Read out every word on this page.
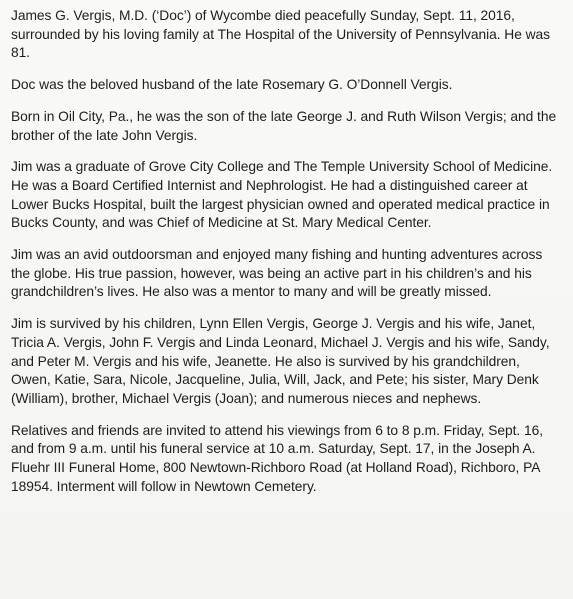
James G. Vergis, M.D. (‘Doc’) of Wycombe died peacefully Sunday, Sept. 11, 2016, surrounded by his loving family at The Hospital of the University of Pennsylvania. He was 81.

Doc was the beloved husband of the late Rosemary G. O’Donnell Vergis.

Born in Oil City, Pa., he was the son of the late George J. and Ruth Wilson Vergis; and the brother of the late John Vergis.

Jim was a graduate of Grove City College and The Temple University School of Medicine. He was a Board Certified Internist and Nephrologist. He had a distinguished career at Lower Bucks Hospital, built the largest physician owned and operated medical practice in Bucks County, and was Chief of Medicine at St. Mary Medical Center.

Jim was an avid outdoorsman and enjoyed many fishing and hunting adventures across the globe. His true passion, however, was being an active part in his children’s and his grandchildren’s lives. He also was a mentor to many and will be greatly missed.

Jim is survived by his children, Lynn Ellen Vergis, George J. Vergis and his wife, Janet, Tricia A. Vergis, John F. Vergis and Linda Leonard, Michael J. Vergis and his wife, Sandy, and Peter M. Vergis and his wife, Jeanette. He also is survived by his grandchildren, Owen, Katie, Sara, Nicole, Jacqueline, Julia, Will, Jack, and Pete; his sister, Mary Denk (William), brother, Michael Vergis (Joan); and numerous nieces and nephews.

Relatives and friends are invited to attend his viewings from 6 to 8 p.m. Friday, Sept. 16, and from 9 a.m. until his funeral service at 10 a.m. Saturday, Sept. 17, in the Joseph A. Fluehr III Funeral Home, 800 Newtown-Richboro Road (at Holland Road), Richboro, PA 18954. Interment will follow in Newtown Cemetery.
